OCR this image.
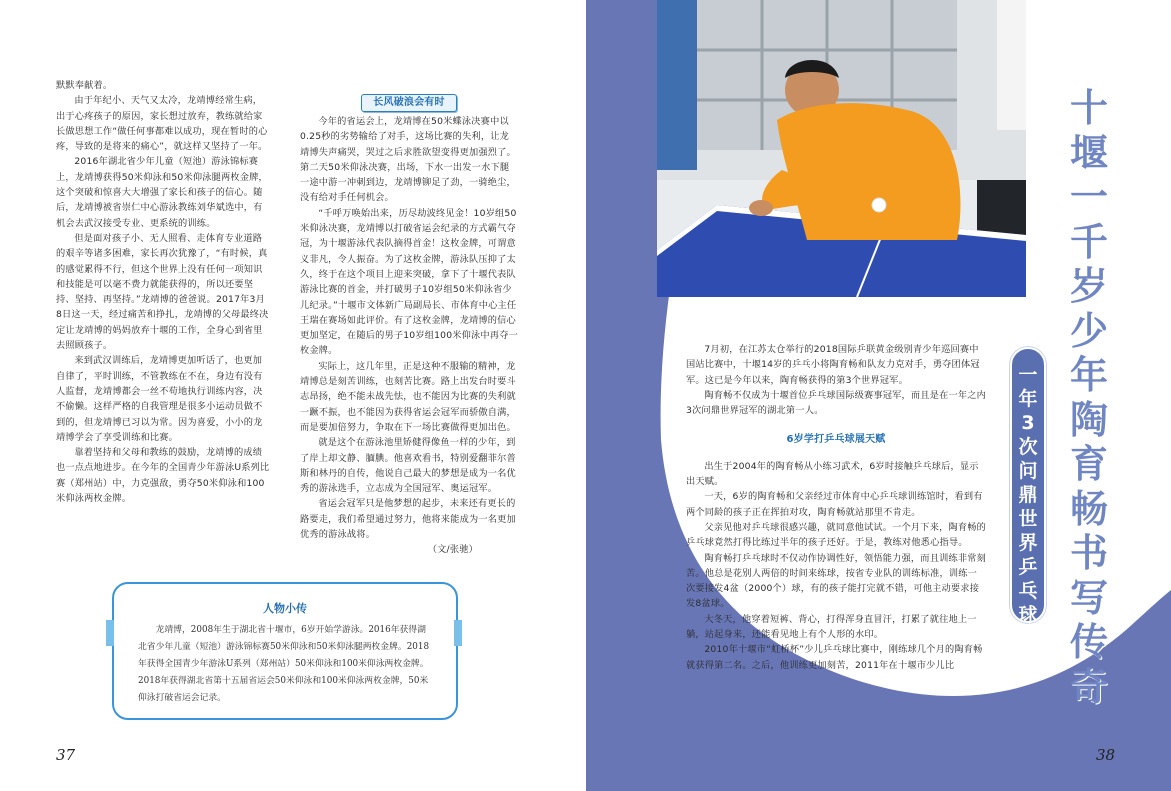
默默奉献着。

由于年纪小、天气又太冷，龙靖博经常生病，出于心疼孩子的原因，家长想过放弃，教练就给家长做思想工作“做任何事都难以成功，现在暂时的心疼，导致的是将来的痛心”，就这样又坚持了一年。

2016年湖北省少年儿童（短池）游泳锦标赛上，龙靖博获得50米仰泳和50米仰泳腿两枚金牌，这个突破和惊喜大大增强了家长和孩子的信心。随后，龙靖博被省崇仁中心游泳教练刘华斌选中，有机会去武汉接受专业、更系统的训练。

但是面对孩子小、无人照看、走体育专业道路的艰辛等诸多困难，家长再次犹豫了，“有时候，真的感觉累得不行，但这个世界上没有任何一项知识和技能是可以毫不费力就能获得的，所以还要坚持、坚持、再坚持。”龙靖博的爸爸说。2017年3月8日这一天，经过痛苦和挣扎，龙靖博的父母最终决定让龙靖博的妈妈放弃十堰的工作，全身心到省里去照顾孩子。

来到武汉训练后，龙靖博更加听话了，也更加自律了，平时训练，不管教练在不在，身边有没有人监督，龙靖博都会一丝不苟地执行训练内容，决不偷懒。这样严格的自我管理是很多小运动员做不到的，但龙靖博已习以为常。因为喜爱，小小的龙靖博学会了享受训练和比赛。

靠着坚持和父母和教练的鼓励，龙靖博的成绩也一点点地进步。在今年的全国青少年游泳U系列比赛（郑州站）中，力克强敌，勇夺50米仰泳和100米仰泳两枚金牌。

长风破浪会有时

今年的省运会上，龙靖博在50米蝶泳决赛中以0.25秒的劣势输给了对手，这场比赛的失利，让龙靖博失声痛哭，哭过之后求胜欲望变得更加强烈了。第二天50米仰泳决赛，出场，下水一出发一水下腿一途中游一冲刺到边，龙靖博铆足了劲，一骑绝尘，没有给对手任何机会。

“千呼万唤始出来，历尽劫波终见金！10岁组50米仰泳决赛，龙靖博以打破省运会纪录的方式霸气夺冠，为十堰游泳代表队摘得首金！这枚金牌，可谓意义非凡，令人振奋。为了这枚金牌，游泳队压抑了太久，终于在这个项目上迎来突破，拿下了十堰代表队游泳比赛的首金，并打破男子10岁组50米仰泳省少儿纪录。”十堰市文体新广局副局长、市体育中心主任王瑞在赛场如此评价。有了这枚金牌，龙靖博的信心更加坚定，在随后的男子10岁组100米仰泳中再夺一枚金牌。

实际上，这几年里，正是这种不服输的精神，龙靖博总是刻苦训练，也刻苦比赛。路上出发台时要斗志昂扬，绝不能未战先怯，也不能因为比赛的失利就一蹶不振，也不能因为获得省运会冠军而骄傲自满，而是要加倍努力，争取在下一场比赛做得更加出色。

就是这个在游泳池里矫健得像鱼一样的少年，到了岸上却文静、腼腆。他喜欢看书，特别爱翻菲尔普斯和林丹的自传，他说自己最大的梦想是成为一名优秀的游泳选手，立志成为全国冠军、奥运冠军。

省运会冠军只是他梦想的起步，未来还有更长的路要走，我们希望通过努力，他将来能成为一名更加优秀的游泳战将。

（文/张驰）
人物小传
龙靖博，2008年生于湖北省十堰市，6岁开始学游泳。2016年获得湖北省少年儿童（短池）游泳锦标赛50米仰泳和50米仰泳腿两枚金牌。2018年获得全国青少年游泳U系列（郑州站）50米仰泳和100米仰泳两枚金牌。2018年获得湖北省第十五届省运会50米仰泳和100米仰泳两枚金牌，50米仰泳打破省运会记录。
37

7月初，在江苏太仓举行的2018国际乒联黄金级别青少年巡回赛中国站比赛中，十堰14岁的乒乓小将陶育畅和队友力克对手，勇夺团体冠军。这已是今年以来，陶育畅获得的第3个世界冠军。

陶育畅不仅成为十堰首位乒乓球国际级赛事冠军，而且是在一年之内3次问鼎世界冠军的湖北第一人。

6岁学打乒乓球展天赋

出生于2004年的陶育畅从小练习武术，6岁时接触乒乓球后，显示出天赋。

一天，6岁的陶育畅和父亲经过市体育中心乒乓球训练馆时，看到有两个同龄的孩子正在挥拍对攻，陶育畅就站那里不肯走。

父亲见他对乒乓球很感兴趣，就同意他试试。一个月下来，陶育畅的乒乓球竟然打得比练过半年的孩子还好。于是，教练对他悉心指导。

陶育畅打乒乓球时不仅动作协调性好，领悟能力强，而且训练非常刻苦。他总是花别人两倍的时间来练球，按省专业队的训练标准，训练一次要接发4盆（2000个）球，有的孩子能打完就不错，可他主动要求接发8盆球。

大冬天，他穿着短裤、背心，打得浑身直冒汗，打累了就往地上一躺，站起身来，还能看见地上有个人形的水印。

2010年十堰市“虹桥杯”少儿乒乓球比赛中，刚练球几个月的陶育畅就获得第二名。之后，他训练更加刻苦，2011年在十堰市少儿比

38
十
堰
一
千
岁
少
年
陶
育
畅
书
写
传
奇
一
年
3
次
问
鼎
世
界
乒
乓
球
冠
军
